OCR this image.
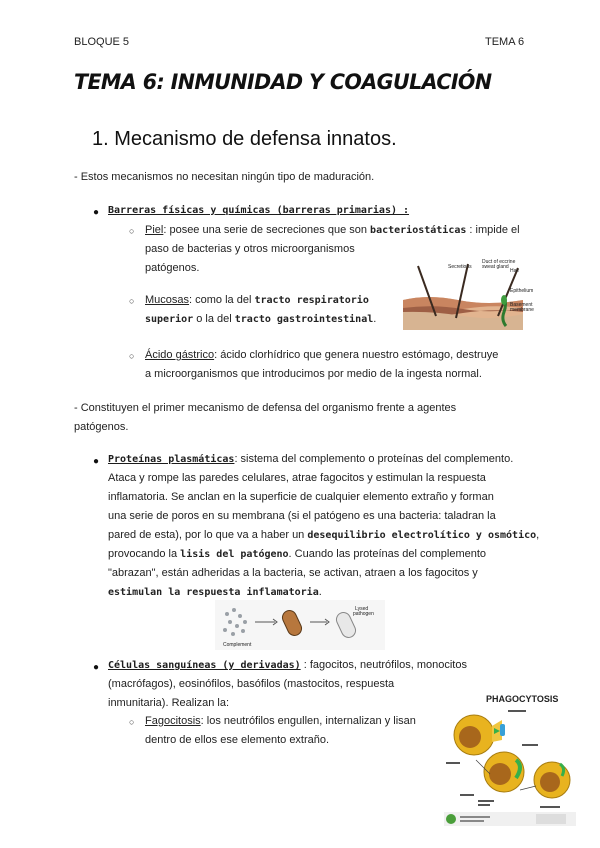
BLOQUE 5	TEMA 6
TEMA 6: INMUNIDAD Y COAGULACIÓN
1. Mecanismo de defensa innatos.
- Estos mecanismos no necesitan ningún tipo de maduración.
● Barreras físicas y químicas (barreras primarias) :
○ Piel: posee una serie de secreciones que son bacteriostáticas : impide el
paso de bacterias y otros microorganismos
patógenos.
○ Mucosas: como la del tracto respiratorio
superior o la del tracto gastrointestinal.
○ Ácido gástrico: ácido clorhídrico que genera nuestro estómago, destruye
a microorganismos que introducimos por medio de la ingesta normal.
Secretions
Duct of eccrine
sweat gland
Hair
Epithelium
Basement
membrane
- Constituyen el primer mecanismo de defensa del organismo frente a agentes
patógenos.
● Proteínas plasmáticas: sistema del complemento o proteínas del complemento.
Ataca y rompe las paredes celulares, atrae fagocitos y estimulan la respuesta
inflamatoria. Se anclan en la superficie de cualquier elemento extraño y forman
una serie de poros en su membrana (si el patógeno es una bacteria: taladran la
pared de esta), por lo que va a haber un desequilibrio electrolítico y osmótico,
provocando la lisis del patógeno. Cuando las proteínas del complemento
"abrazan", están adheridas a la bacteria, se activan, atraen a los fagocitos y
estimulan la respuesta inflamatoria.
Lysed
pathogen
Complement
● Células sanguíneas (y derivadas) : fagocitos, neutrófilos, monocitos
(macrófagos), eosinófilos, basófilos (mastocitos, respuesta
inmunitaria). Realizan la:
○ Fagocitosis: los neutrófilos engullen, internalizan y lisan
dentro de ellos ese elemento extraño.
PHAGOCYTOSIS
